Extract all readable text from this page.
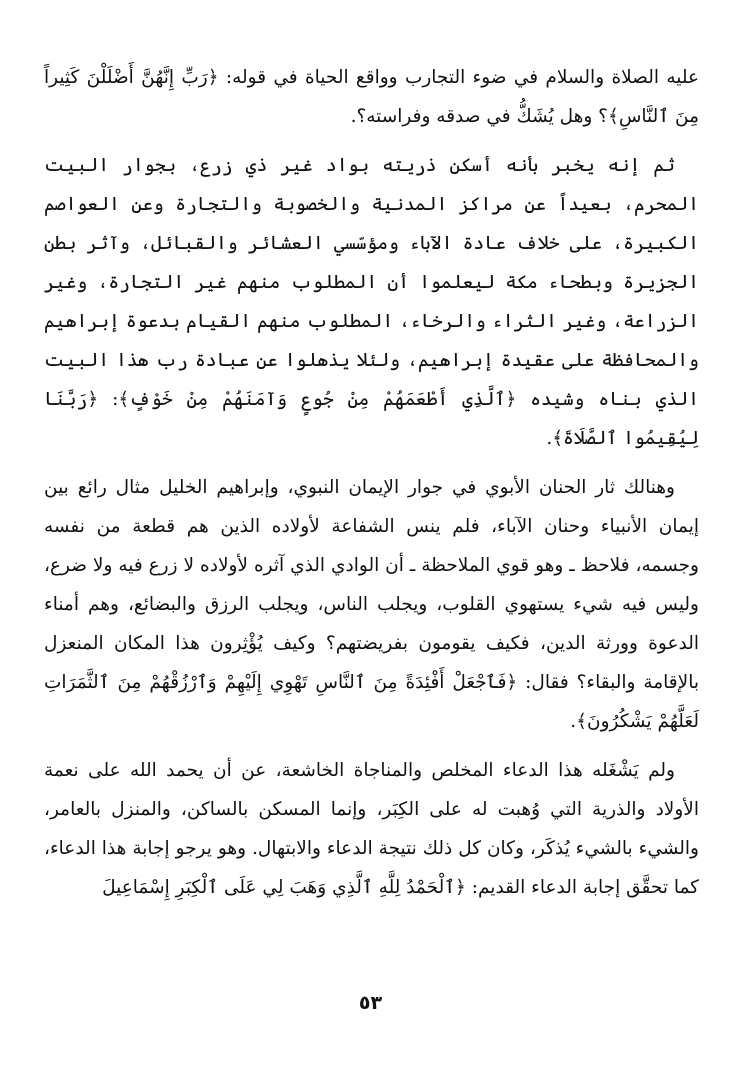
عليه الصلاة والسلام في ضوء التجارب وواقع الحياة في قوله: ﴿رَبِّ إِنَّهُنَّ أَضْلَلْنَ كَثِيراً مِنَ ٱلنَّاسِ﴾؟ وهل يُشَكُّ في صدقه وفراسته؟.

ثم إنه يخبر بأنه أسكن ذريته بواد غير ذي زرع، بجوار البيت المحرم، بعيداً عن مراكز المدنية والخصوبة والتجارة وعن العواصم الكبيرة، على خلاف عادة الآباء ومؤسّسي العشائر والقبائل، وآثر بطن الجزيرة وبطحاء مكة ليعلموا أن المطلوب منهم غير التجارة، وغير الزراعة، وغير الثراء والرخاء، المطلوب منهم القيام بدعوة إبراهيم والمحافظة على عقيدة إبراهيم، ولئلا يذهلوا عن عبادة رب هذا البيت الذي بناه وشيده ﴿ٱلَّذِي أَطْعَمَهُمْ مِنْ جُوعٍ وَآمَنَهُمْ مِنْ خَوْفٍ﴾: ﴿رَبَّنَا لِيُقِيمُوا ٱلصَّلَاةَ﴾.

وهنالك ثار الحنان الأبوي في جوار الإيمان النبوي، وإبراهيم الخليل مثال رائع بين إيمان الأنبياء وحنان الآباء، فلم ينس الشفاعة لأولاده الذين هم قطعة من نفسه وجسمه، فلاحظ ـ وهو قوي الملاحظة ـ أن الوادي الذي آثره لأولاده لا زرع فيه ولا ضرع، وليس فيه شيء يستهوي القلوب، ويجلب الناس، ويجلب الرزق والبضائع، وهم أمناء الدعوة وورثة الدين، فكيف يقومون بفريضتهم؟ وكيف يُؤْثِرون هذا المكان المنعزل بالإقامة والبقاء؟ فقال: ﴿فَٱجْعَلْ أَفْئِدَةً مِنَ ٱلنَّاسِ تَهْوِي إِلَيْهِمْ وَٱرْزُقْهُمْ مِنَ ٱلثَّمَرَاتِ لَعَلَّهُمْ يَشْكُرُونَ﴾.

ولم يَشْغَله هذا الدعاء المخلص والمناجاة الخاشعة، عن أن يحمد الله على نعمة الأولاد والذرية التي وُهبت له على الكِبَر، وإنما المسكن بالساكن، والمنزل بالعامر، والشيء بالشيء يُذكَر، وكان كل ذلك نتيجة الدعاء والابتهال. وهو يرجو إجابة هذا الدعاء، كما تحقَّق إجابة الدعاء القديم: ﴿ٱلْحَمْدُ لِلَّهِ ٱلَّذِي وَهَبَ لِي عَلَى ٱلْكِبَرِ إِسْمَاعِيلَ

٥٣
